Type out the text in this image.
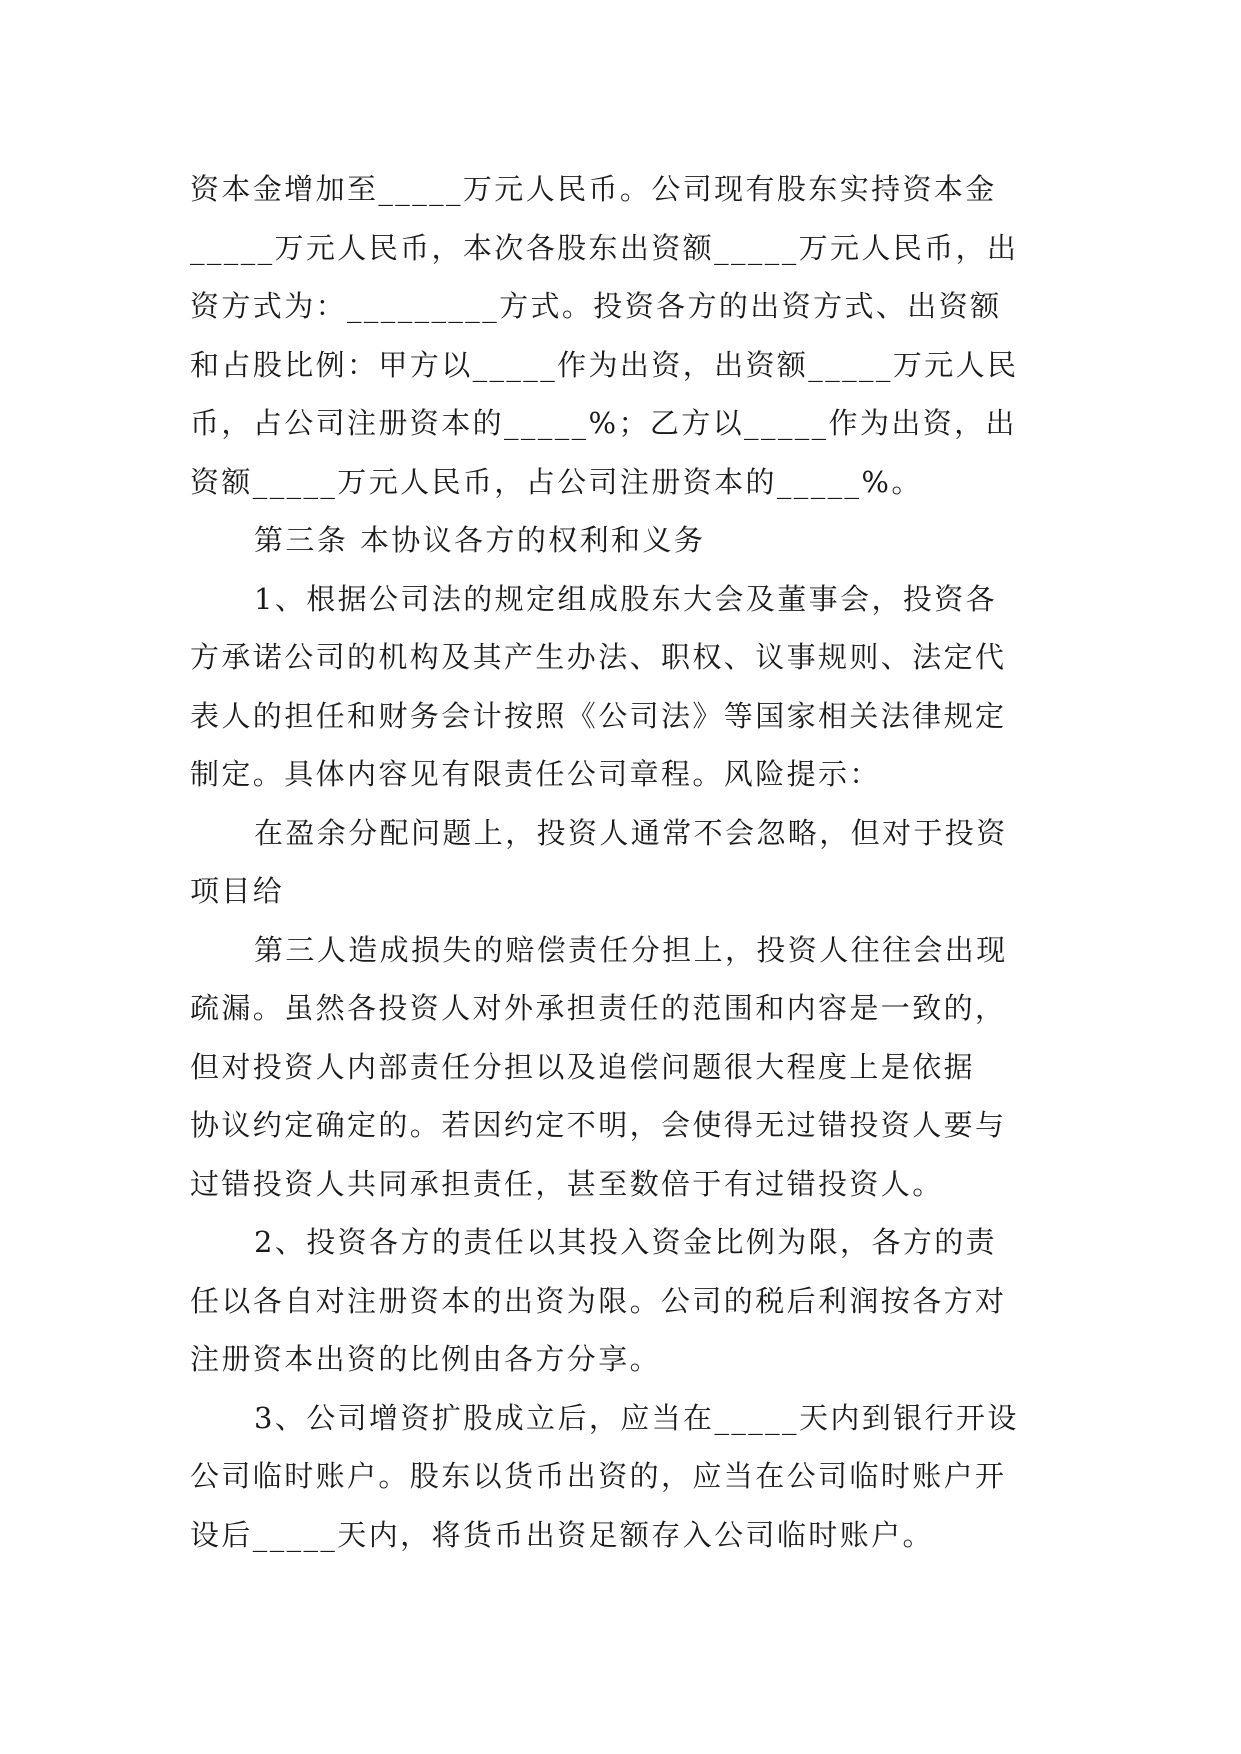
资本金增加至_____万元人民币。公司现有股东实持资本金
_____万元人民币，本次各股东出资额_____万元人民币，出
资方式为：_________方式。投资各方的出资方式、出资额
和占股比例：甲方以_____作为出资，出资额_____万元人民
币，占公司注册资本的_____%；乙方以_____作为出资，出
资额_____万元人民币，占公司注册资本的_____%。

第三条 本协议各方的权利和义务

1、根据公司法的规定组成股东大会及董事会，投资各
方承诺公司的机构及其产生办法、职权、议事规则、法定代
表人的担任和财务会计按照《公司法》等国家相关法律规定
制定。具体内容见有限责任公司章程。风险提示：

在盈余分配问题上，投资人通常不会忽略，但对于投资
项目给

第三人造成损失的赔偿责任分担上，投资人往往会出现
疏漏。虽然各投资人对外承担责任的范围和内容是一致的，
但对投资人内部责任分担以及追偿问题很大程度上是依据
协议约定确定的。若因约定不明，会使得无过错投资人要与
过错投资人共同承担责任，甚至数倍于有过错投资人。

2、投资各方的责任以其投入资金比例为限，各方的责
任以各自对注册资本的出资为限。公司的税后利润按各方对
注册资本出资的比例由各方分享。

3、公司增资扩股成立后，应当在_____天内到银行开设
公司临时账户。股东以货币出资的，应当在公司临时账户开
设后_____天内，将货币出资足额存入公司临时账户。
